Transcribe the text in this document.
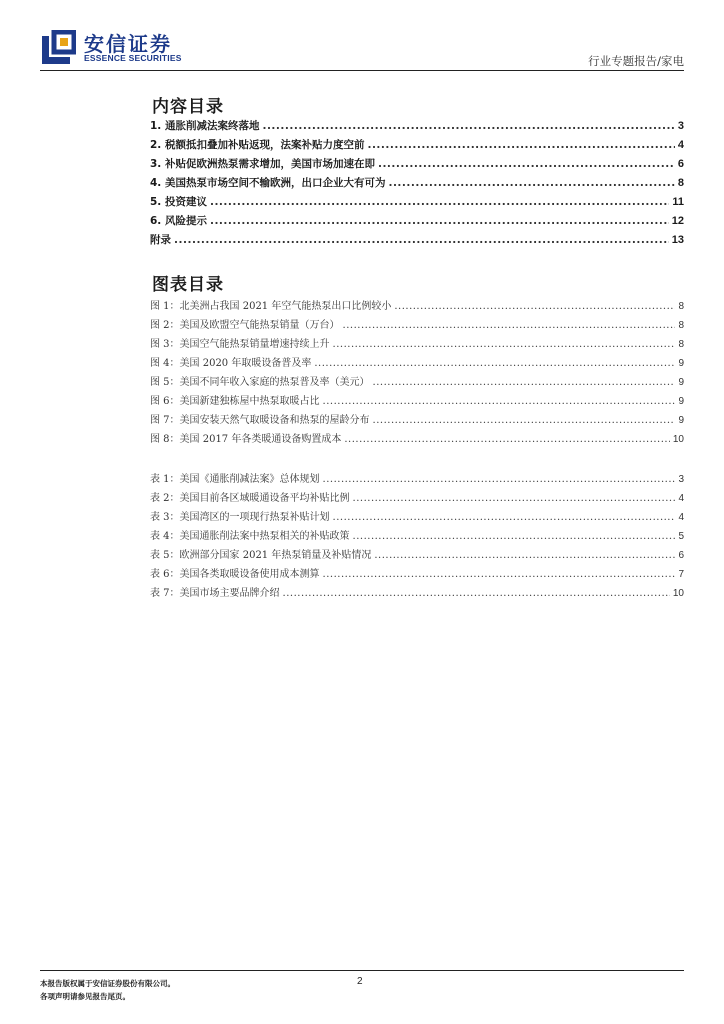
安信证券
ESSENCE SECURITIES	行业专题报告/家电
内容目录
1. 通胀削减法案终落地 .....	3
2. 税额抵扣叠加补贴返现，法案补贴力度空前 .....	4
3. 补贴促欧洲热泵需求增加，美国市场加速在即 .....	6
4. 美国热泵市场空间不输欧洲，出口企业大有可为 .....	8
5. 投资建议 .....	11
6. 风险提示 .....	12
附录 .....	13
图表目录
图 1：北美洲占我国 2021 年空气能热泵出口比例较小 .....	8
图 2：美国及欧盟空气能热泵销量（万台） .....	8
图 3：美国空气能热泵销量增速持续上升 .....	8
图 4：美国 2020 年取暖设备普及率 .....	9
图 5：美国不同年收入家庭的热泵普及率（美元） .....	9
图 6：美国新建独栋屋中热泵取暖占比 .....	9
图 7：美国安装天然气取暖设备和热泵的屋龄分布 .....	9
图 8：美国 2017 年各类暖通设备购置成本 .....	10
表 1：美国《通胀削减法案》总体规划 .....	3
表 2：美国目前各区域暖通设备平均补贴比例 .....	4
表 3：美国湾区的一项现行热泵补贴计划 .....	4
表 4：美国通胀削法案中热泵相关的补贴政策 .....	5
表 5：欧洲部分国家 2021 年热泵销量及补贴情况 .....	6
表 6：美国各类取暖设备使用成本测算 .....	7
表 7：美国市场主要品牌介绍 .....	10
本报告版权属于安信证券股份有限公司。
各项声明请参见报告尾页。
2
